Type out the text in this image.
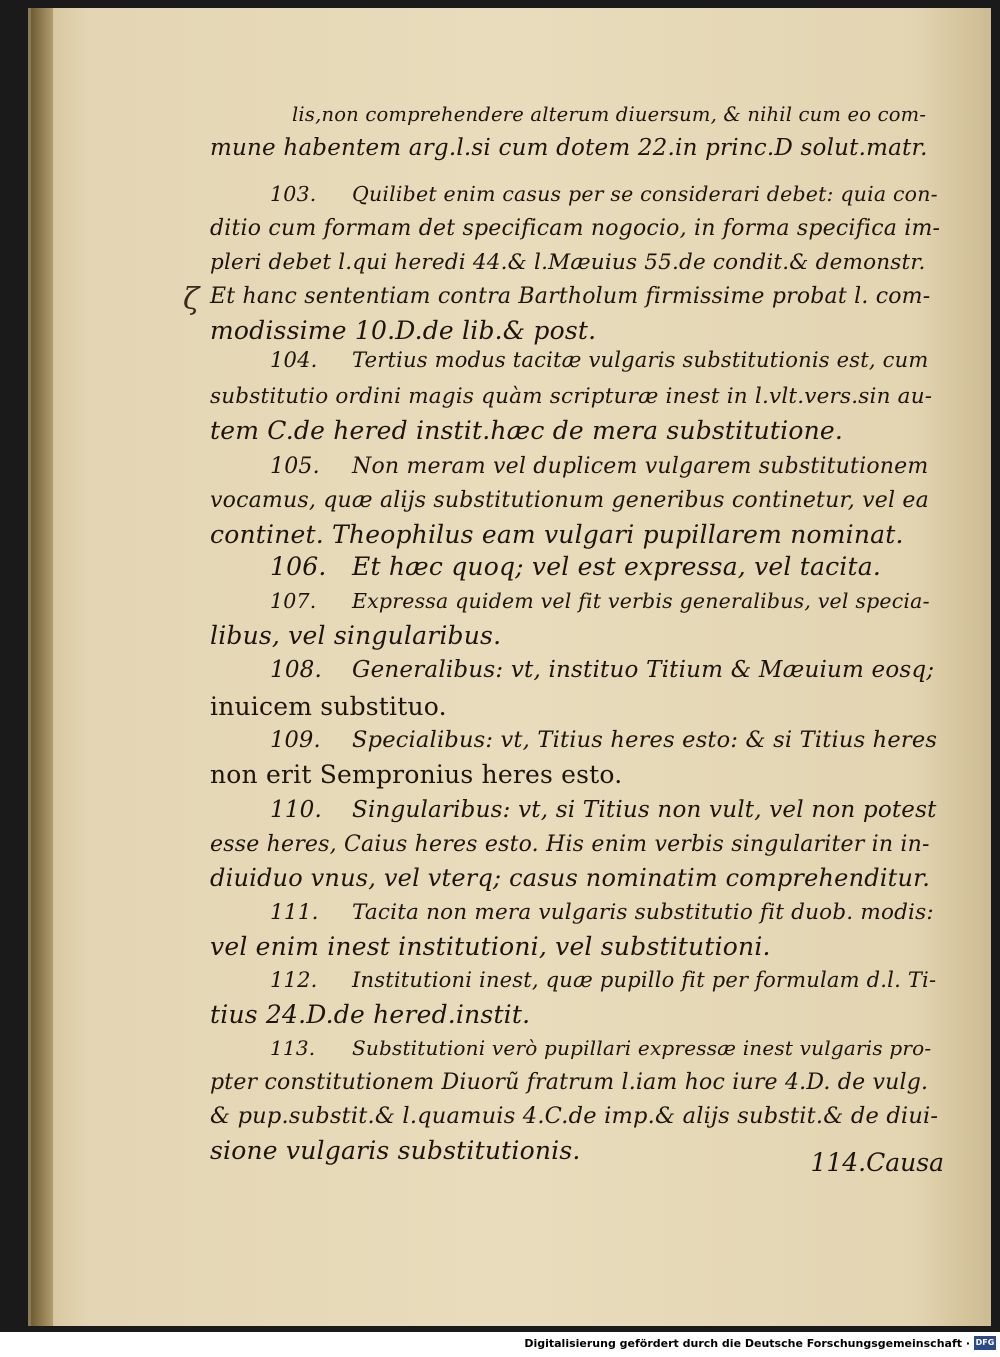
ζ
lis,non comprehendere alterum diuersum, & nihil cum eo com-
mune habentem arg.l.si cum dotem 22.in princ.D solut.matr.
103. Quilibet enim casus per se considerari debet: quia con-
ditio cum formam det specificam nogocio, in forma specifica im-
pleri debet l.qui heredi 44.& l.Mæuius 55.de condit.& demonstr.
Et hanc sententiam contra Bartholum firmissime probat l. com-
modissime 10.D.de lib.& post.
104. Tertius modus tacitæ vulgaris substitutionis est, cum
substitutio ordini magis quàm scripturæ inest in l.vlt.vers.sin au-
tem C.de hered instit.hæc de mera substitutione.
105. Non meram vel duplicem vulgarem substitutionem
vocamus, quæ alijs substitutionum generibus continetur, vel ea
continet. Theophilus eam vulgari pupillarem nominat.
106. Et hæc quoq; vel est expressa, vel tacita.
107. Expressa quidem vel fit verbis generalibus, vel specia-
libus, vel singularibus.
108. Generalibus: vt, instituo Titium & Mæuium eosq;
inuicem substituo.
109. Specialibus: vt, Titius heres esto: & si Titius heres
non erit Sempronius heres esto.
110. Singularibus: vt, si Titius non vult, vel non potest
esse heres, Caius heres esto. His enim verbis singulariter in in-
diuiduo vnus, vel vterq; casus nominatim comprehenditur.
111. Tacita non mera vulgaris substitutio fit duob. modis:
vel enim inest institutioni, vel substitutioni.
112. Institutioni inest, quæ pupillo fit per formulam d.l. Ti-
tius 24.D.de hered.instit.
113. Substitutioni verò pupillari expressæ inest vulgaris pro-
pter constitutionem Diuorũ fratrum l.iam hoc iure 4.D. de vulg.
& pup.substit.& l.quamuis 4.C.de imp.& alijs substit.& de diui-
sione vulgaris substitutionis.	114.Causa
Digitalisierung gefördert durch die Deutsche Forschungsgemeinschaft · DFG
